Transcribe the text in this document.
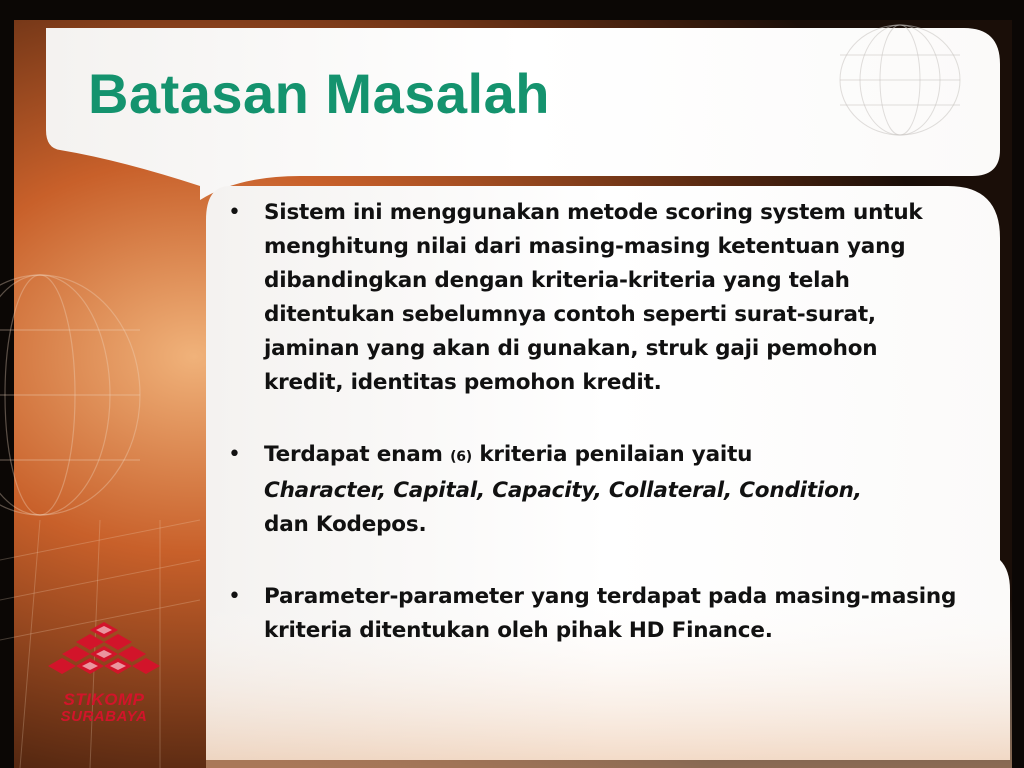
Batasan Masalah
• Sistem ini menggunakan metode scoring system untuk menghitung nilai dari masing-masing ketentuan yang dibandingkan dengan kriteria-kriteria yang telah ditentukan sebelumnya contoh seperti surat-surat, jaminan yang akan di gunakan, struk gaji pemohon kredit, identitas pemohon kredit.

• Terdapat enam (6) kriteria penilaian yaitu
Character, Capital, Capacity, Collateral, Condition,
dan Kodepos.

• Parameter-parameter yang terdapat pada masing-masing kriteria ditentukan oleh pihak HD Finance.

STIKOMP
SURABAYA
